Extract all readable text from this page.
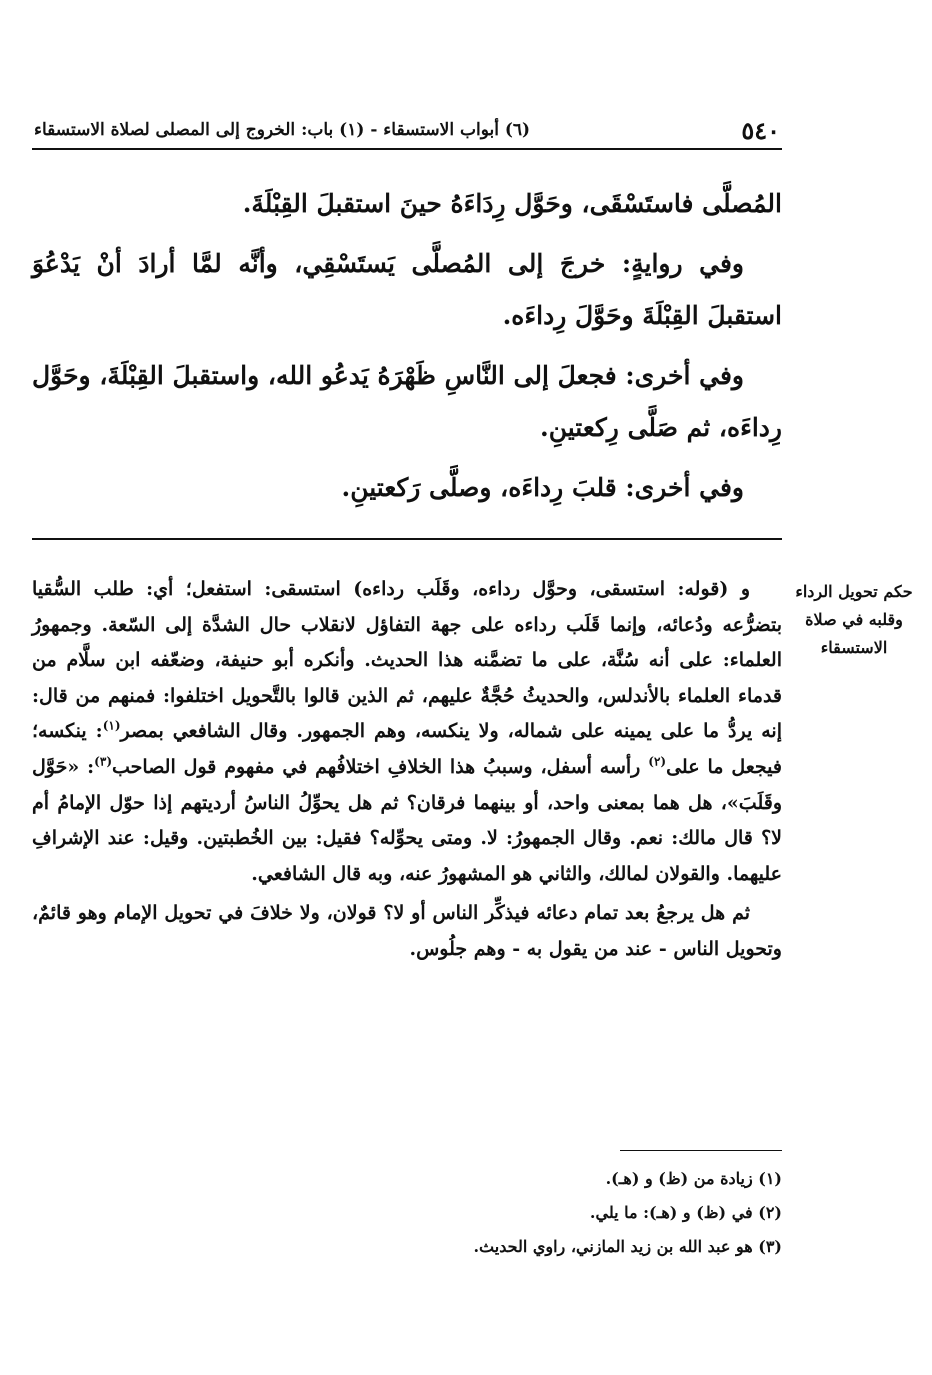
٥٤٠
(٦) أبواب الاستسقاء - (١) باب: الخروج إلى المصلى لصلاة الاستسقاء

المُصلَّى فاستَسْقَى، وحَوَّل رِدَاءَهُ حينَ استقبلَ القِبْلَةَ.

وفي روايةٍ: خرجَ إلى المُصلَّى يَستَسْقِي، وأنَّه لمَّا أرادَ أنْ يَدْعُوَ استقبلَ القِبْلَةَ وحَوَّلَ رِداءَه.

وفي أخرى: فجعلَ إلى النَّاسِ ظَهْرَهُ يَدعُو الله، واستقبلَ القِبْلَةَ، وحَوَّل رِداءَه، ثم صَلَّى رِكعتينِ.

وفي أخرى: قلبَ رِداءَه، وصلَّى رَكعتينِ.

حكم تحويل الرداء وقلبه في صلاة الاستسقاء

و (قوله: استسقى، وحوَّل رداءه، وقَلَب رداءه) استسقى: استفعل؛ أي: طلب السُّقيا بتضرُّعه ودُعائه، وإنما قَلَب رداءه على جهة التفاؤل لانقلاب حال الشدَّة إلى السّعة. وجمهورُ العلماء: على أنه سُنَّة، على ما تضمَّنه هذا الحديث. وأنكره أبو حنيفة، وضعّفه ابن سلَّام من قدماء العلماء بالأندلس، والحديثُ حُجَّةٌ عليهم، ثم الذين قالوا بالتَّحويل اختلفوا: فمنهم من قال: إنه يردُّ ما على يمينه على شماله، ولا ينكسه، وهم الجمهور. وقال الشافعي بمصر$^{(١)}$: ينكسه؛ فيجعل ما على$^{(٢)}$ رأسه أسفل، وسببُ هذا الخلافِ اختلافُهم في مفهوم قول الصاحب$^{(٣)}$: «حَوَّل وقَلَبَ»، هل هما بمعنى واحد، أو بينهما فرقان؟ ثم هل يحوِّلُ الناسُ أرديتهم إذا حوّل الإمامُ أم لا؟ قال مالك: نعم. وقال الجمهورُ: لا. ومتى يحوِّله؟ فقيل: بين الخُطبتين. وقيل: عند الإشرافِ عليهما. والقولان لمالك، والثاني هو المشهورُ عنه، وبه قال الشافعي.

ثم هل يرجعُ بعد تمام دعائه فيذكِّر الناس أو لا؟ قولان، ولا خلافَ في تحويل الإمام وهو قائمٌ، وتحويل الناس - عند من يقول به - وهم جلُوس.

(١) زيادة من (ظ) و (هـ).

(٢) في (ظ) و (هـ): ما يلي.

(٣) هو عبد الله بن زيد المازني، راوي الحديث.
